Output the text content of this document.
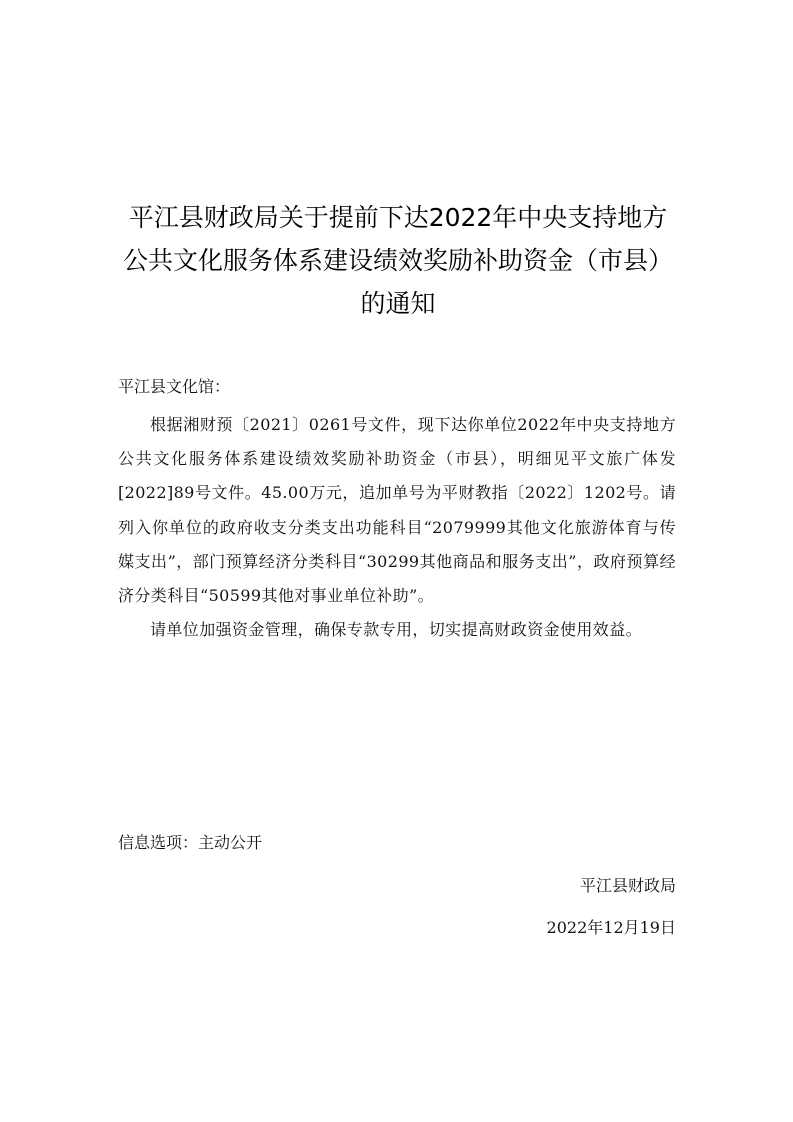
平江县财政局关于提前下达2022年中央支持地方公共文化服务体系建设绩效奖励补助资金（市县）的通知

平江县文化馆：

根据湘财预〔2021〕0261号文件，现下达你单位2022年中央支持地方公共文化服务体系建设绩效奖励补助资金（市县），明细见平文旅广体发[2022]89号文件。45.00万元，追加单号为平财教指〔2022〕1202号。请列入你单位的政府收支分类支出功能科目“2079999其他文化旅游体育与传媒支出”，部门预算经济分类科目“30299其他商品和服务支出”，政府预算经济分类科目“50599其他对事业单位补助”。

请单位加强资金管理，确保专款专用，切实提高财政资金使用效益。

信息选项：主动公开

平江县财政局

2022年12月19日
